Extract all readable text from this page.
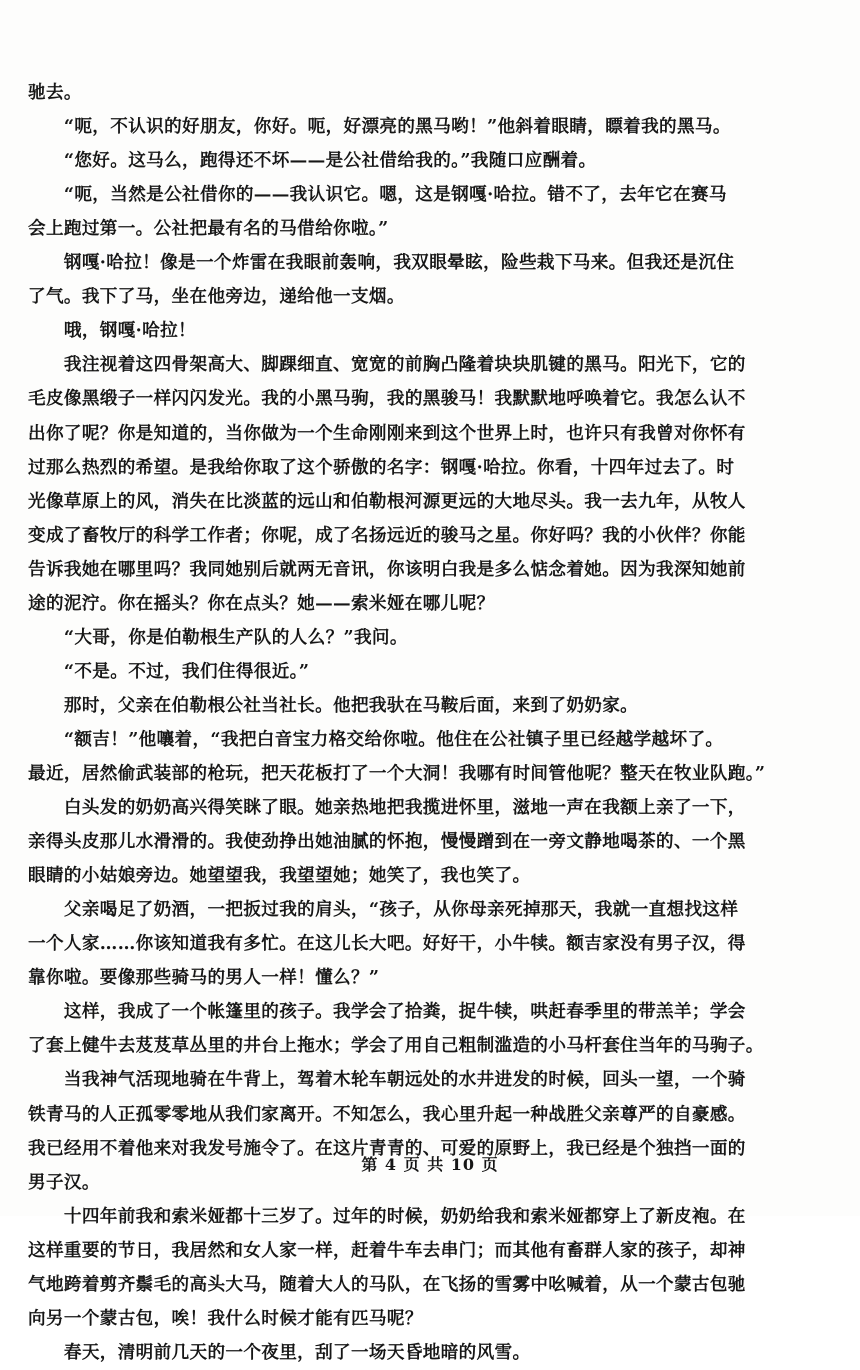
驰去。
　　“呃，不认识的好朋友，你好。呃，好漂亮的黑马哟！”他斜着眼睛，瞟着我的黑马。
　　“您好。这马么，跑得还不坏——是公社借给我的。”我随口应酬着。
　　“呃，当然是公社借你的——我认识它。嗯，这是钢嘎·哈拉。错不了，去年它在赛马
会上跑过第一。公社把最有名的马借给你啦。”
　　钢嘎·哈拉！像是一个炸雷在我眼前轰响，我双眼晕眩，险些栽下马来。但我还是沉住
了气。我下了马，坐在他旁边，递给他一支烟。
　　哦，钢嘎·哈拉！
　　我注视着这四骨架高大、脚踝细直、宽宽的前胸凸隆着块块肌键的黑马。阳光下，它的
毛皮像黑缎子一样闪闪发光。我的小黑马驹，我的黑骏马！我默默地呼唤着它。我怎么认不
出你了呢？你是知道的，当你做为一个生命刚刚来到这个世界上时，也许只有我曾对你怀有
过那么热烈的希望。是我给你取了这个骄傲的名字：钢嘎·哈拉。你看，十四年过去了。时
光像草原上的风，消失在比淡蓝的远山和伯勒根河源更远的大地尽头。我一去九年，从牧人
变成了畜牧厅的科学工作者；你呢，成了名扬远近的骏马之星。你好吗？我的小伙伴？你能
告诉我她在哪里吗？我同她别后就两无音讯，你该明白我是多么惦念着她。因为我深知她前
途的泥泞。你在摇头？你在点头？她——索米娅在哪儿呢？
　　“大哥，你是伯勒根生产队的人么？”我问。
　　“不是。不过，我们住得很近。”
　　那时，父亲在伯勒根公社当社长。他把我驮在马鞍后面，来到了奶奶家。
　　“额吉！”他嚷着，“我把白音宝力格交给你啦。他住在公社镇子里已经越学越坏了。
最近，居然偷武装部的枪玩，把天花板打了一个大洞！我哪有时间管他呢？整天在牧业队跑。”
　　白头发的奶奶高兴得笑眯了眼。她亲热地把我揽进怀里，滋地一声在我额上亲了一下，
亲得头皮那儿水滑滑的。我使劲挣出她油腻的怀抱，慢慢蹭到在一旁文静地喝茶的、一个黑
眼睛的小姑娘旁边。她望望我，我望望她；她笑了，我也笑了。
　　父亲喝足了奶酒，一把扳过我的肩头，“孩子，从你母亲死掉那天，我就一直想找这样
一个人家……你该知道我有多忙。在这儿长大吧。好好干，小牛犊。额吉家没有男子汉，得
靠你啦。要像那些骑马的男人一样！懂么？”
　　这样，我成了一个帐篷里的孩子。我学会了拾粪，捉牛犊，哄赶春季里的带羔羊；学会
了套上健牛去芨芨草丛里的井台上拖水；学会了用自己粗制滥造的小马杆套住当年的马驹子。
　　当我神气活现地骑在牛背上，驾着木轮车朝远处的水井进发的时候，回头一望，一个骑
铁青马的人正孤零零地从我们家离开。不知怎么，我心里升起一种战胜父亲尊严的自豪感。
我已经用不着他来对我发号施令了。在这片青青的、可爱的原野上，我已经是个独挡一面的
男子汉。
　　十四年前我和索米娅都十三岁了。过年的时候，奶奶给我和索米娅都穿上了新皮袍。在
这样重要的节日，我居然和女人家一样，赶着牛车去串门；而其他有畜群人家的孩子，却神
气地跨着剪齐鬃毛的高头大马，随着大人的马队，在飞扬的雪雾中吆喊着，从一个蒙古包驰
向另一个蒙古包，唉！我什么时候才能有匹马呢？
　　春天，清明前几天的一个夜里，刮了一场天昏地暗的风雪。
第 4 页 共 10 页
